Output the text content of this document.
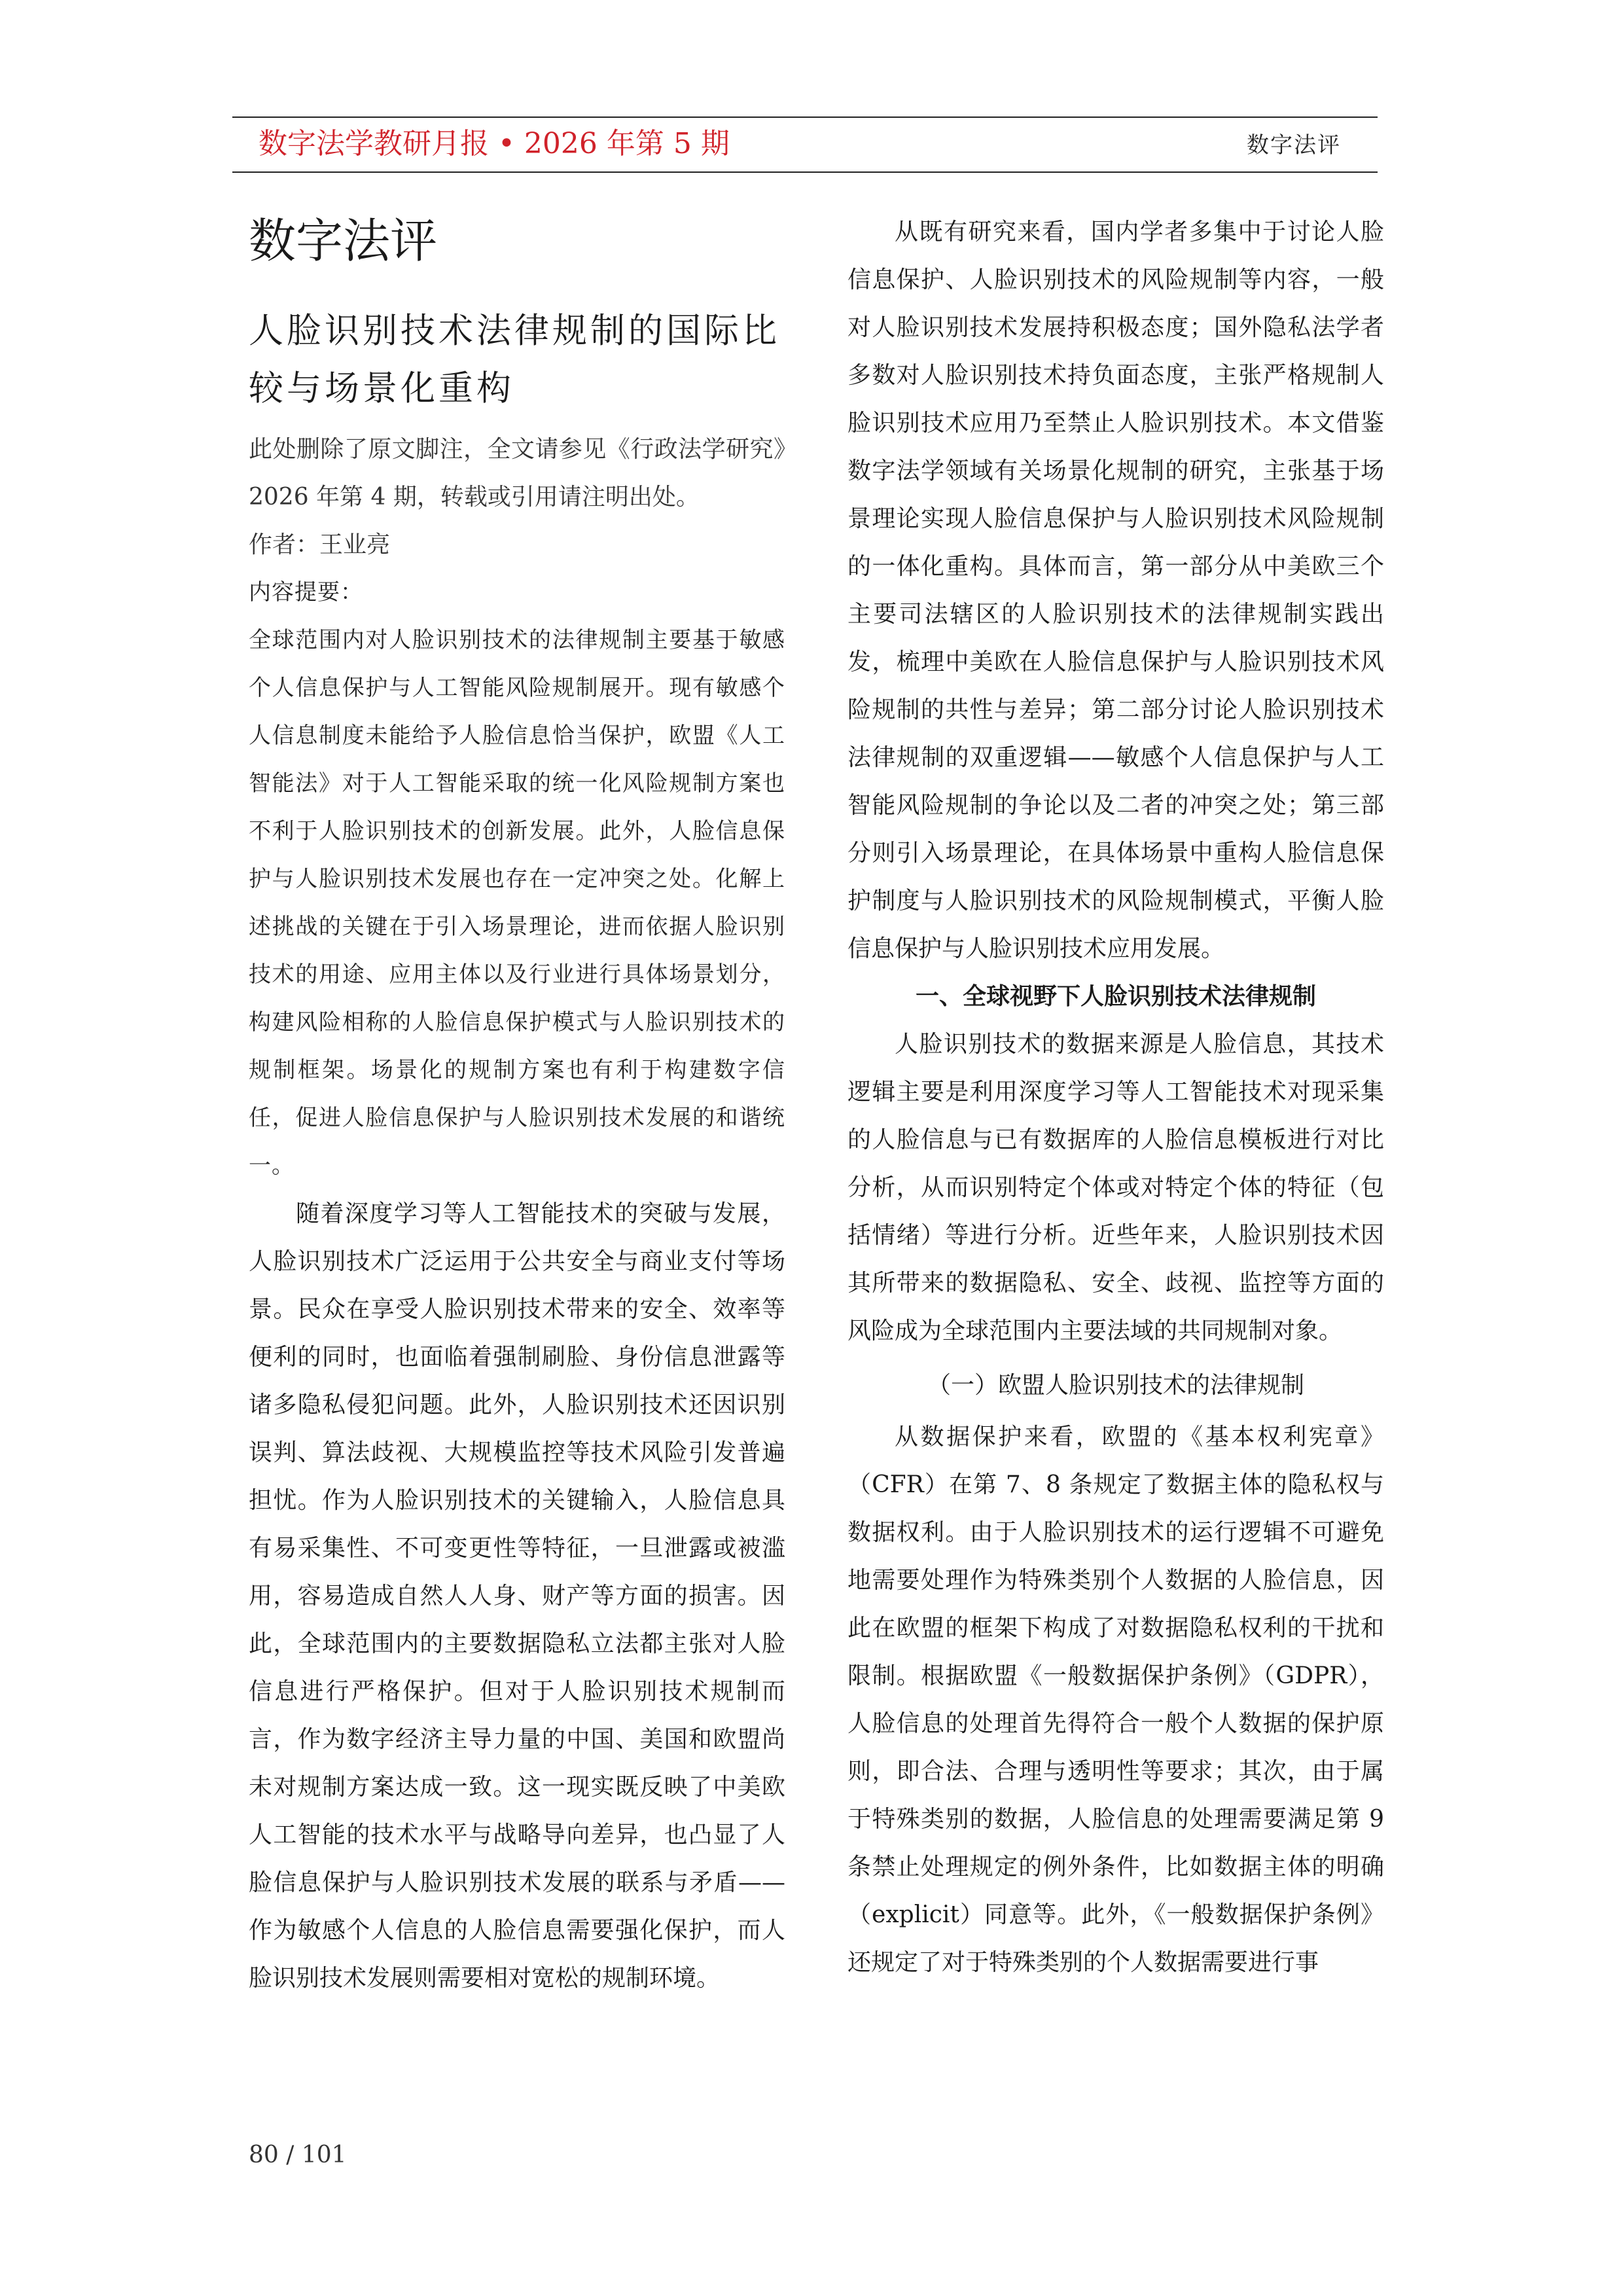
数字法学教研月报 • 2026 年第 5 期	数字法评
数字法评
人脸识别技术法律规制的国际比较与场景化重构

此处删除了原文脚注，全文请参见《行政法学研究》2026 年第 4 期，转载或引用请注明出处。

作者：王业亮

内容提要：

全球范围内对人脸识别技术的法律规制主要基于敏感个人信息保护与人工智能风险规制展开。现有敏感个人信息制度未能给予人脸信息恰当保护，欧盟《人工智能法》对于人工智能采取的统一化风险规制方案也不利于人脸识别技术的创新发展。此外，人脸信息保护与人脸识别技术发展也存在一定冲突之处。化解上述挑战的关键在于引入场景理论，进而依据人脸识别技术的用途、应用主体以及行业进行具体场景划分，构建风险相称的人脸信息保护模式与人脸识别技术的规制框架。场景化的规制方案也有利于构建数字信任，促进人脸信息保护与人脸识别技术发展的和谐统一。

随着深度学习等人工智能技术的突破与发展，人脸识别技术广泛运用于公共安全与商业支付等场景。民众在享受人脸识别技术带来的安全、效率等便利的同时，也面临着强制刷脸、身份信息泄露等诸多隐私侵犯问题。此外，人脸识别技术还因识别误判、算法歧视、大规模监控等技术风险引发普遍担忧。作为人脸识别技术的关键输入，人脸信息具有易采集性、不可变更性等特征，一旦泄露或被滥用，容易造成自然人人身、财产等方面的损害。因此，全球范围内的主要数据隐私立法都主张对人脸信息进行严格保护。但对于人脸识别技术规制而言，作为数字经济主导力量的中国、美国和欧盟尚未对规制方案达成一致。这一现实既反映了中美欧人工智能的技术水平与战略导向差异，也凸显了人脸信息保护与人脸识别技术发展的联系与矛盾——作为敏感个人信息的人脸信息需要强化保护，而人脸识别技术发展则需要相对宽松的规制环境。

从既有研究来看，国内学者多集中于讨论人脸信息保护、人脸识别技术的风险规制等内容，一般对人脸识别技术发展持积极态度；国外隐私法学者多数对人脸识别技术持负面态度，主张严格规制人脸识别技术应用乃至禁止人脸识别技术。本文借鉴数字法学领域有关场景化规制的研究，主张基于场景理论实现人脸信息保护与人脸识别技术风险规制的一体化重构。具体而言，第一部分从中美欧三个主要司法辖区的人脸识别技术的法律规制实践出发，梳理中美欧在人脸信息保护与人脸识别技术风险规制的共性与差异；第二部分讨论人脸识别技术法律规制的双重逻辑——敏感个人信息保护与人工智能风险规制的争论以及二者的冲突之处；第三部分则引入场景理论，在具体场景中重构人脸信息保护制度与人脸识别技术的风险规制模式，平衡人脸信息保护与人脸识别技术应用发展。

一、全球视野下人脸识别技术法律规制

人脸识别技术的数据来源是人脸信息，其技术逻辑主要是利用深度学习等人工智能技术对现采集的人脸信息与已有数据库的人脸信息模板进行对比分析，从而识别特定个体或对特定个体的特征（包括情绪）等进行分析。近些年来，人脸识别技术因其所带来的数据隐私、安全、歧视、监控等方面的风险成为全球范围内主要法域的共同规制对象。

（一）欧盟人脸识别技术的法律规制

从数据保护来看，欧盟的《基本权利宪章》（CFR）在第 7、8 条规定了数据主体的隐私权与数据权利。由于人脸识别技术的运行逻辑不可避免地需要处理作为特殊类别个人数据的人脸信息，因此在欧盟的框架下构成了对数据隐私权利的干扰和限制。根据欧盟《一般数据保护条例》（GDPR），人脸信息的处理首先得符合一般个人数据的保护原则，即合法、合理与透明性等要求；其次，由于属于特殊类别的数据，人脸信息的处理需要满足第 9 条禁止处理规定的例外条件，比如数据主体的明确（explicit）同意等。此外，《一般数据保护条例》还规定了对于特殊类别的个人数据需要进行事

80 / 101
